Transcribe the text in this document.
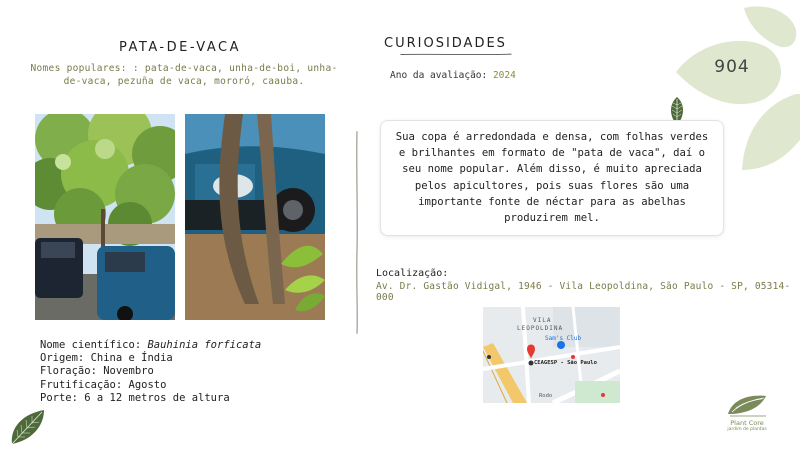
904
PATA-DE-VACA
Nomes populares: : pata-de-vaca, unha-de-boi, unha-de-vaca, pezuña de vaca, mororó, caauba.
Nome científico: Bauhinia forficata
Origem: China e Índia
Floração: Novembro
Frutificação: Agosto
Porte: 6 a 12 metros de altura
CURIOSIDADES
Ano da avaliação: 2024
Sua copa é arredondada e densa, com folhas verdes e brilhantes em formato de "pata de vaca", daí o seu nome popular. Além disso, é muito apreciada pelos apicultores, pois suas flores são uma importante fonte de néctar para as abelhas produzirem mel.
Localização:
Av. Dr. Gastão Vidigal, 1946 - Vila Leopoldina, São Paulo - SP, 05314-000
VILA
LEOPOLDINA
Sam's Club
CEAGESP - São Paulo
Rodo
Plant Core
jardim de plantas
